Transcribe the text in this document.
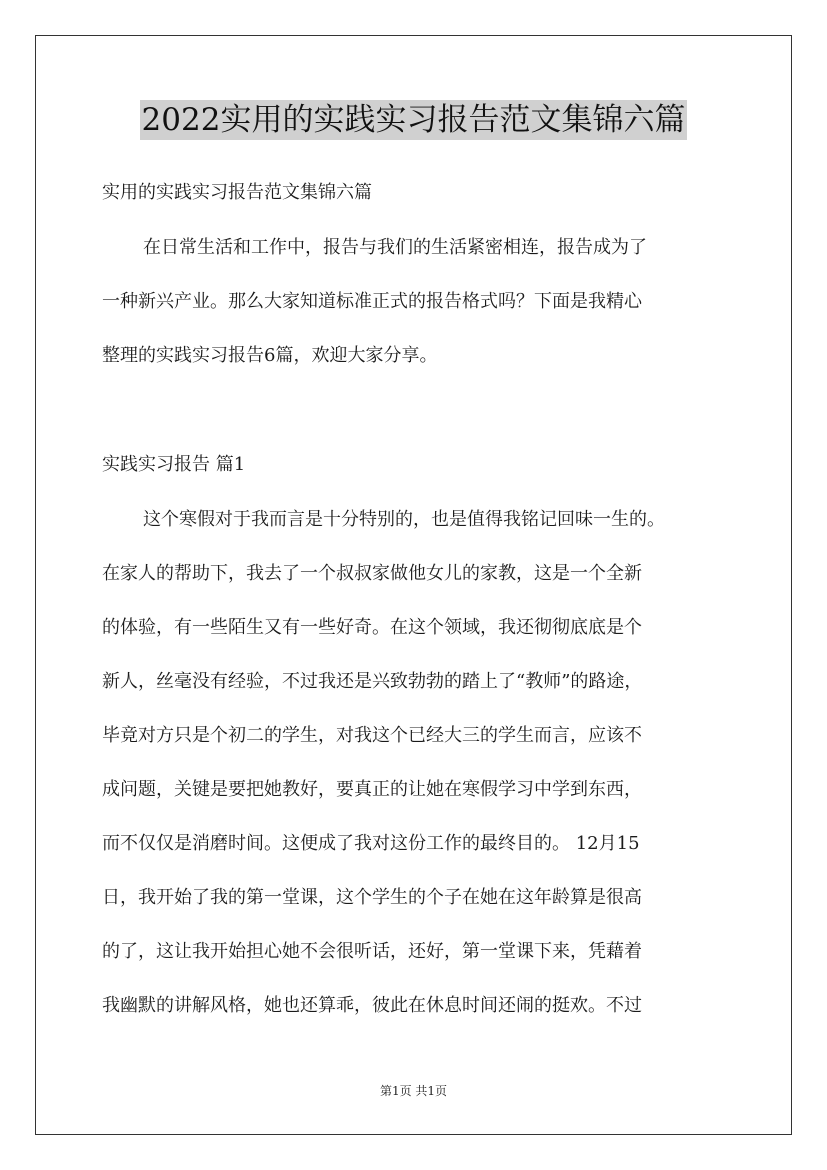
2022实用的实践实习报告范文集锦六篇
实用的实践实习报告范文集锦六篇
在日常生活和工作中，报告与我们的生活紧密相连，报告成为了
一种新兴产业。那么大家知道标准正式的报告格式吗？下面是我精心
整理的实践实习报告6篇，欢迎大家分享。
实践实习报告 篇1
这个寒假对于我而言是十分特别的，也是值得我铭记回味一生的。
在家人的帮助下，我去了一个叔叔家做他女儿的家教，这是一个全新
的体验，有一些陌生又有一些好奇。在这个领域，我还彻彻底底是个
新人，丝毫没有经验，不过我还是兴致勃勃的踏上了“教师”的路途，
毕竟对方只是个初二的学生，对我这个已经大三的学生而言，应该不
成问题，关键是要把她教好，要真正的让她在寒假学习中学到东西，
而不仅仅是消磨时间。这便成了我对这份工作的最终目的。 12月15
日，我开始了我的第一堂课，这个学生的个子在她在这年龄算是很高
的了，这让我开始担心她不会很听话，还好，第一堂课下来，凭藉着
我幽默的讲解风格，她也还算乖，彼此在休息时间还闹的挺欢。不过
第1页 共1页
